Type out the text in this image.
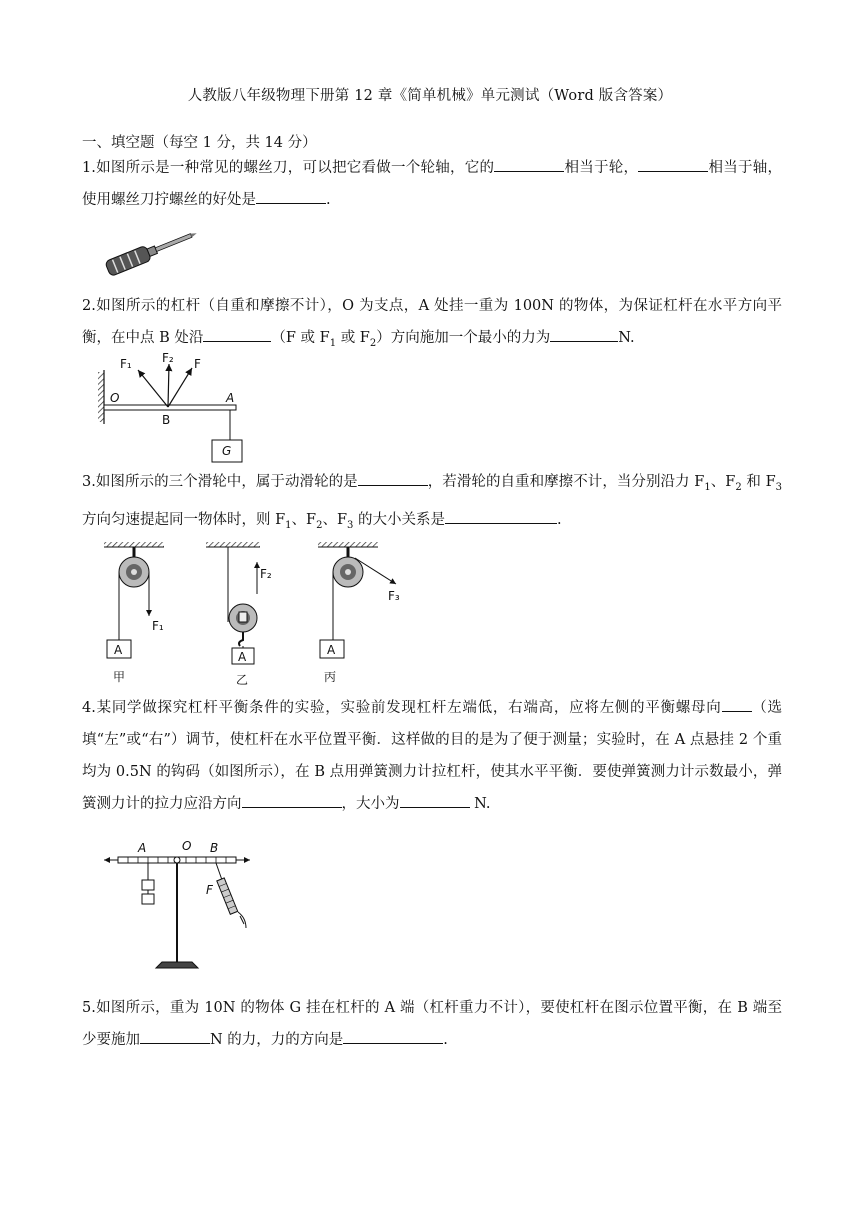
人教版八年级物理下册第 12 章《简单机械》单元测试（Word 版含答案）
一、填空题（每空 1 分，共 14 分）
1.如图所示是一种常见的螺丝刀，可以把它看做一个轮轴，它的	相当于轮，	相当于轴，使用螺丝刀拧螺丝的好处是	.
2.如图所示的杠杆（自重和摩擦不计），O 为支点，A 处挂一重为 100N 的物体，为保证杠杆在水平方向平衡，在中点 B 处沿	（F 或 $F_1$ 或 $F_2$）方向施加一个最小的力为	N.
F₁	F₂ F
O	A
B
G
3.如图所示的三个滑轮中，属于动滑轮的是	，若滑轮的自重和摩擦不计，当分别沿力 $F_1$、$F_2$ 和 $F_3$ 方向匀速提起同一物体时，则 $F_1$、$F_2$、$F_3$ 的大小关系是	.
A
F₁
甲
A
F₂
乙
A
F₃
丙
4.某同学做探究杠杆平衡条件的实验，实验前发现杠杆左端低，右端高，应将左侧的平衡螺母向 （选填“左”或“右”）调节，使杠杆在水平位置平衡．这样做的目的是为了便于测量；实验时，在 A 点悬挂 2 个重均为 0.5N 的钩码（如图所示），在 B 点用弹簧测力计拉杠杆，使其水平平衡．要使弹簧测力计示数最小，弹簧测力计的拉力应沿方向	，大小为	N.
A	O B
F
5.如图所示，重为 10N 的物体 G 挂在杠杆的 A 端（杠杆重力不计），要使杠杆在图示位置平衡，在 B 端至少要施加	N 的力，力的方向是	.
